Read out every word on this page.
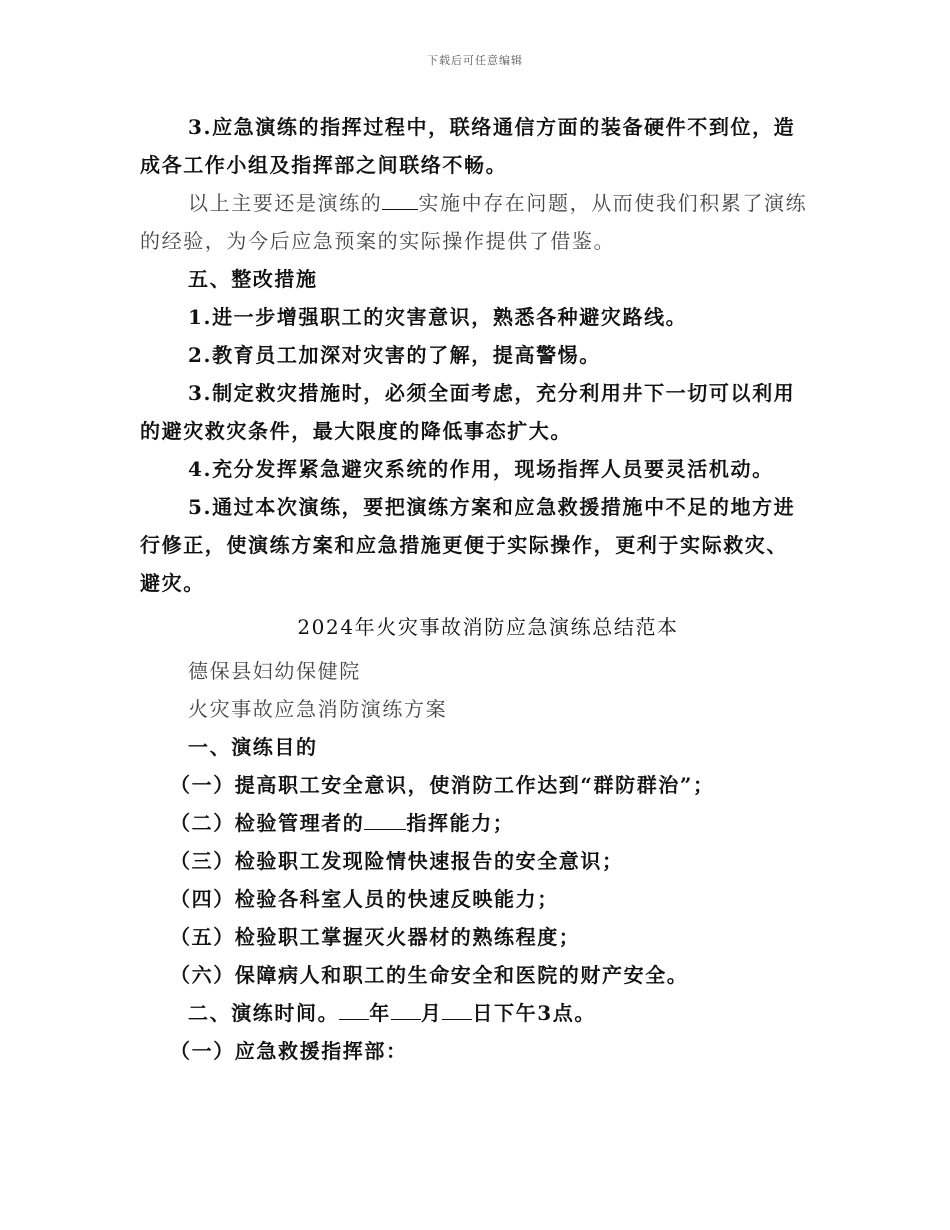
下载后可任意编辑

3.应急演练的指挥过程中，联络通信方面的装备硬件不到位，造

成各工作小组及指挥部之间联络不畅。

以上主要还是演练的 实施中存在问题，从而使我们积累了演练

的经验，为今后应急预案的实际操作提供了借鉴。

五、整改措施

1.进一步增强职工的灾害意识，熟悉各种避灾路线。

2.教育员工加深对灾害的了解，提高警惕。

3.制定救灾措施时，必须全面考虑，充分利用井下一切可以利用

的避灾救灾条件，最大限度的降低事态扩大。

4.充分发挥紧急避灾系统的作用，现场指挥人员要灵活机动。

5.通过本次演练，要把演练方案和应急救援措施中不足的地方进

行修正，使演练方案和应急措施更便于实际操作，更利于实际救灾、

避灾。

2024年火灾事故消防应急演练总结范本

德保县妇幼保健院

火灾事故应急消防演练方案

一、演练目的

（一）提高职工安全意识，使消防工作达到“群防群治”；

（二）检验管理者的 指挥能力；

（三）检验职工发现险情快速报告的安全意识；

（四）检验各科室人员的快速反映能力；

（五）检验职工掌握灭火器材的熟练程度；

（六）保障病人和职工的生命安全和医院的财产安全。

二、演练时间。 年 月 日下午3点。

（一）应急救援指挥部：
